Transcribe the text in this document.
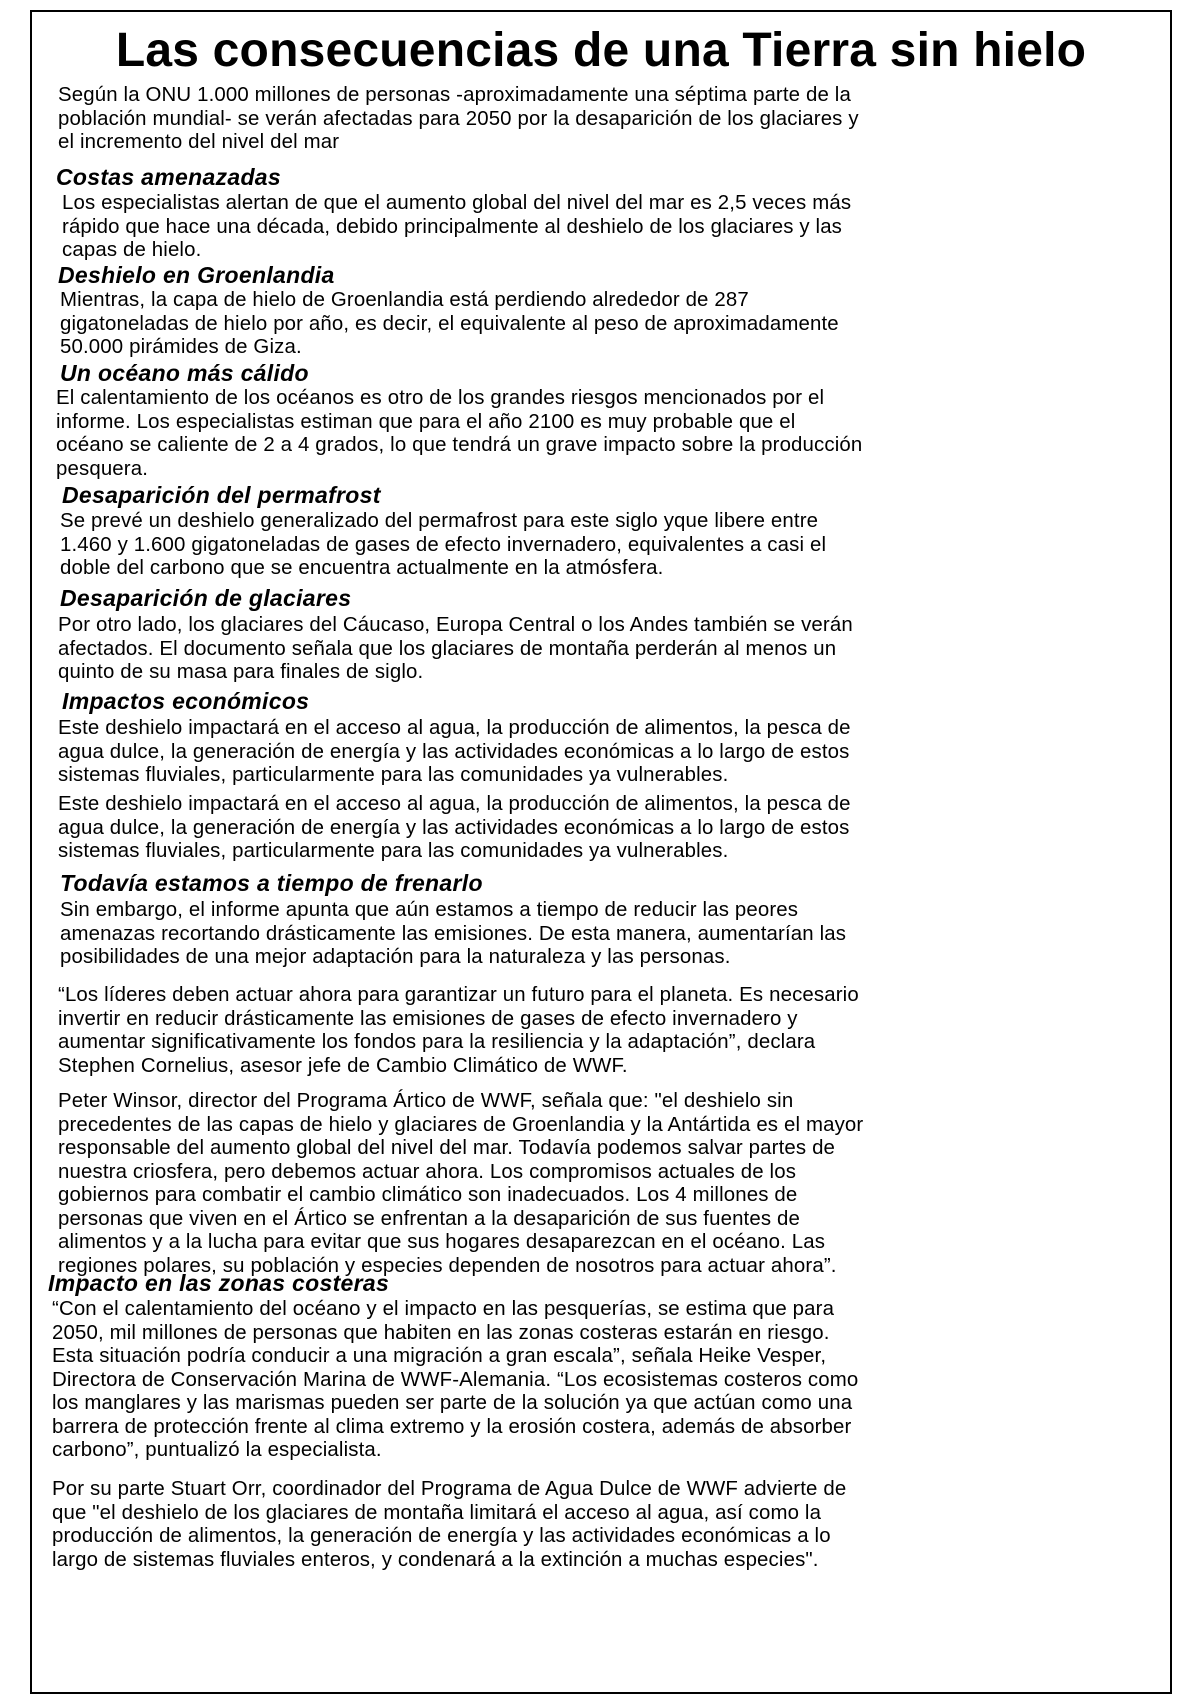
Las consecuencias de una Tierra sin hielo

Según la ONU 1.000 millones de personas -aproximadamente una séptima parte de la
población mundial- se verán afectadas para 2050 por la desaparición de los glaciares y
el incremento del nivel del mar

Costas amenazadas

Los especialistas alertan de que el aumento global del nivel del mar es 2,5 veces más
rápido que hace una década, debido principalmente al deshielo de los glaciares y las
capas de hielo.

Deshielo en Groenlandia

Mientras, la capa de hielo de Groenlandia está perdiendo alrededor de 287
gigatoneladas de hielo por año, es decir, el equivalente al peso de aproximadamente
50.000 pirámides de Giza.

Un océano más cálido

El calentamiento de los océanos es otro de los grandes riesgos mencionados por el
informe. Los especialistas estiman que para el año 2100 es muy probable que el
océano se caliente de 2 a 4 grados, lo que tendrá un grave impacto sobre la producción
pesquera.

Desaparición del permafrost

Se prevé un deshielo generalizado del permafrost para este siglo yque libere entre
1.460 y 1.600 gigatoneladas de gases de efecto invernadero, equivalentes a casi el
doble del carbono que se encuentra actualmente en la atmósfera.

Desaparición de glaciares

Por otro lado, los glaciares del Cáucaso, Europa Central o los Andes también se verán
afectados. El documento señala que los glaciares de montaña perderán al menos un
quinto de su masa para finales de siglo.

Impactos económicos

Este deshielo impactará en el acceso al agua, la producción de alimentos, la pesca de
agua dulce, la generación de energía y las actividades económicas a lo largo de estos
sistemas fluviales, particularmente para las comunidades ya vulnerables.

Este deshielo impactará en el acceso al agua, la producción de alimentos, la pesca de
agua dulce, la generación de energía y las actividades económicas a lo largo de estos
sistemas fluviales, particularmente para las comunidades ya vulnerables.

Todavía estamos a tiempo de frenarlo

Sin embargo, el informe apunta que aún estamos a tiempo de reducir las peores
amenazas recortando drásticamente las emisiones. De esta manera, aumentarían las
posibilidades de una mejor adaptación para la naturaleza y las personas.

“Los líderes deben actuar ahora para garantizar un futuro para el planeta. Es necesario
invertir en reducir drásticamente las emisiones de gases de efecto invernadero y
aumentar significativamente los fondos para la resiliencia y la adaptación”, declara
Stephen Cornelius, asesor jefe de Cambio Climático de WWF.

Peter Winsor, director del Programa Ártico de WWF, señala que: "el deshielo sin
precedentes de las capas de hielo y glaciares de Groenlandia y la Antártida es el mayor
responsable del aumento global del nivel del mar. Todavía podemos salvar partes de
nuestra criosfera, pero debemos actuar ahora. Los compromisos actuales de los
gobiernos para combatir el cambio climático son inadecuados. Los 4 millones de
personas que viven en el Ártico se enfrentan a la desaparición de sus fuentes de
alimentos y a la lucha para evitar que sus hogares desaparezcan en el océano. Las
regiones polares, su población y especies dependen de nosotros para actuar ahora”.

Impacto en las zonas costeras

“Con el calentamiento del océano y el impacto en las pesquerías, se estima que para
2050, mil millones de personas que habiten en las zonas costeras estarán en riesgo.
Esta situación podría conducir a una migración a gran escala”, señala Heike Vesper,
Directora de Conservación Marina de WWF-Alemania. “Los ecosistemas costeros como
los manglares y las marismas pueden ser parte de la solución ya que actúan como una
barrera de protección frente al clima extremo y la erosión costera, además de absorber
carbono”, puntualizó la especialista.

Por su parte Stuart Orr, coordinador del Programa de Agua Dulce de WWF advierte de
que "el deshielo de los glaciares de montaña limitará el acceso al agua, así como la
producción de alimentos, la generación de energía y las actividades económicas a lo
largo de sistemas fluviales enteros, y condenará a la extinción a muchas especies".
